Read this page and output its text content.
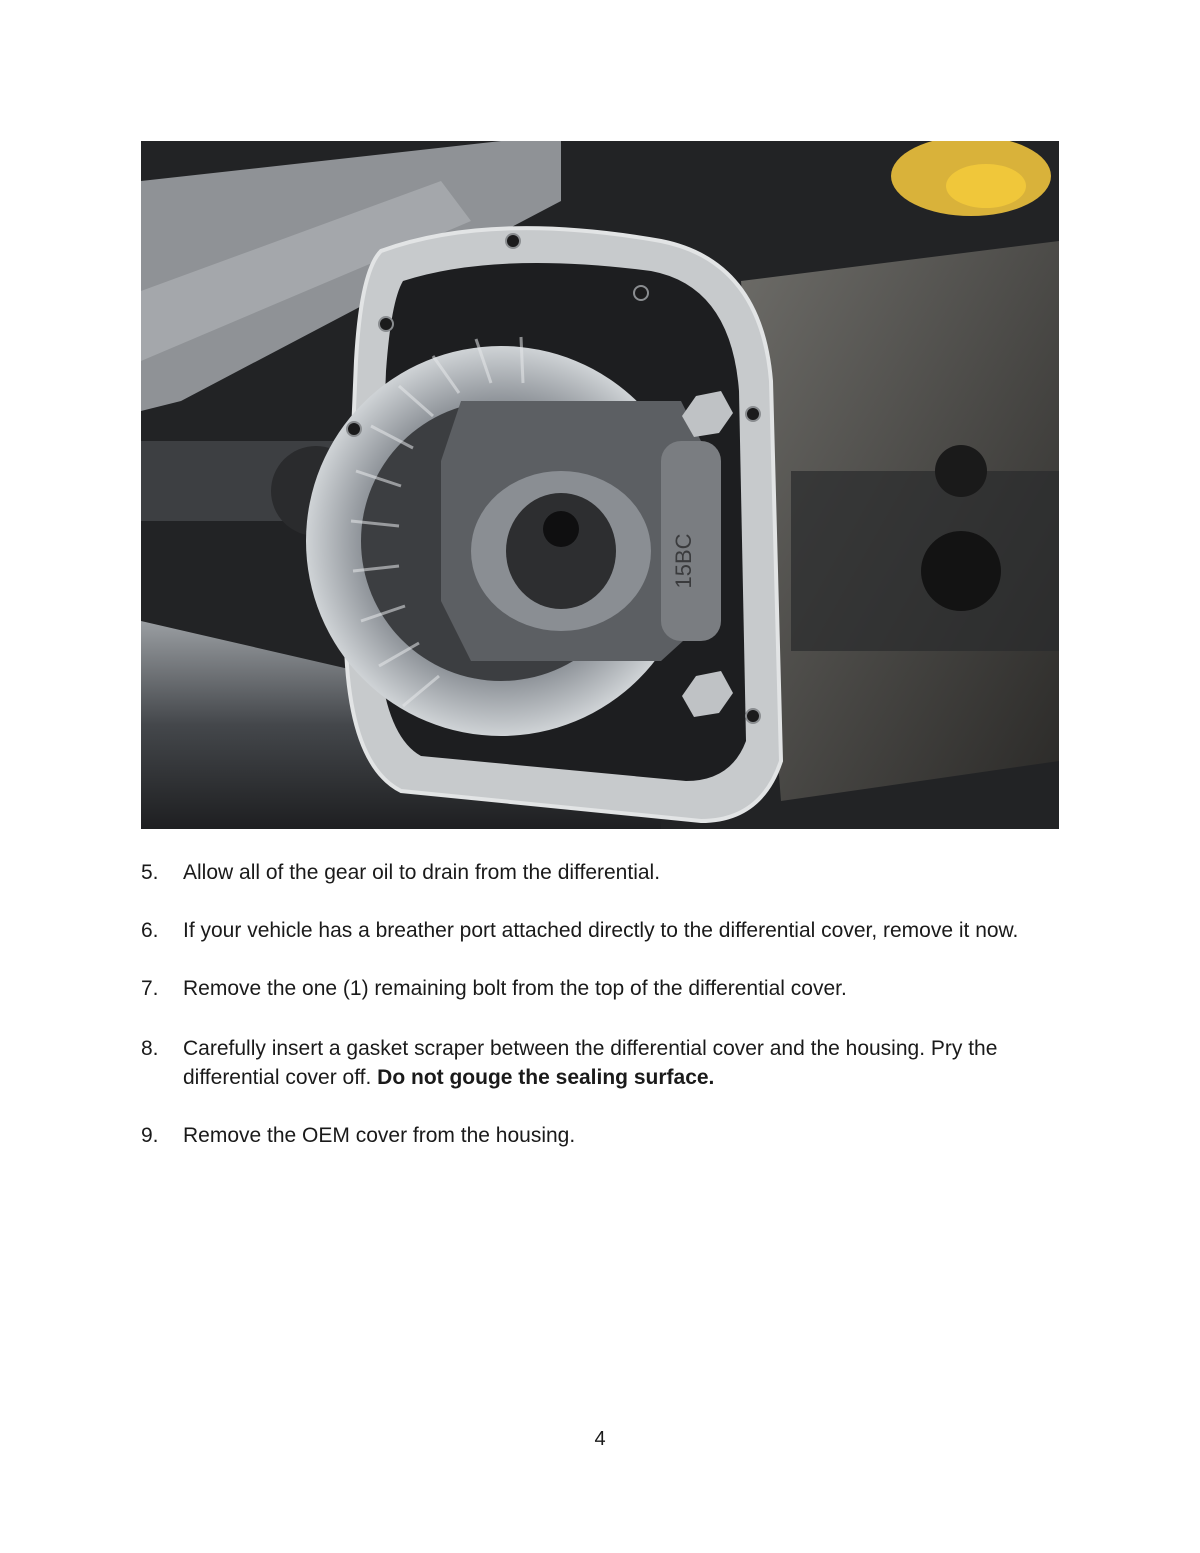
15BC
5. Allow all of the gear oil to drain from the differential.
6. If your vehicle has a breather port attached directly to the differential cover, remove it now.
7. Remove the one (1) remaining bolt from the top of the differential cover.
8. Carefully insert a gasket scraper between the differential cover and the housing. Pry the differential cover off. Do not gouge the sealing surface.
9. Remove the OEM cover from the housing.
4
